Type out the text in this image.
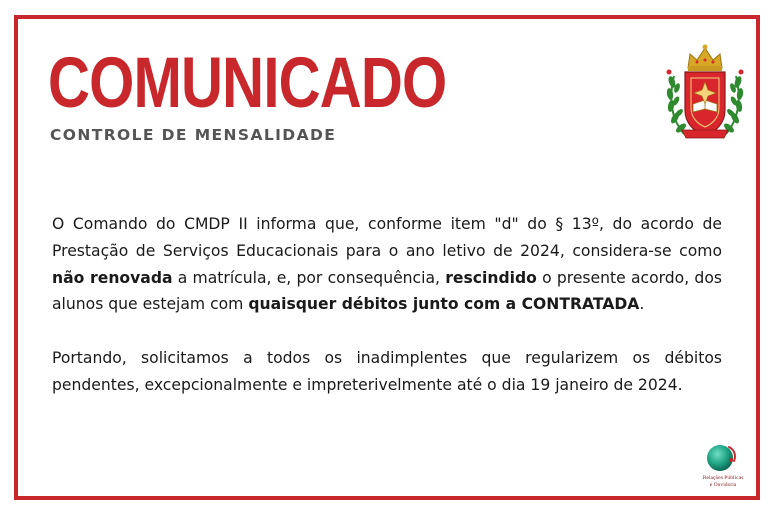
COMUNICADO
CONTROLE DE MENSALIDADE

O Comando do CMDP II informa que, conforme item "d" do § 13º, do acordo de Prestação de Serviços Educacionais para o ano letivo de 2024, considera-se como não renovada a matrícula, e, por consequência, rescindido o presente acordo, dos alunos que estejam com quaisquer débitos junto com a CONTRATADA.

Portando, solicitamos a todos os inadimplentes que regularizem os débitos pendentes, excepcionalmente e impreterivelmente até o dia 19 janeiro de 2024.

Relações Públicas
e Ouvidoria
